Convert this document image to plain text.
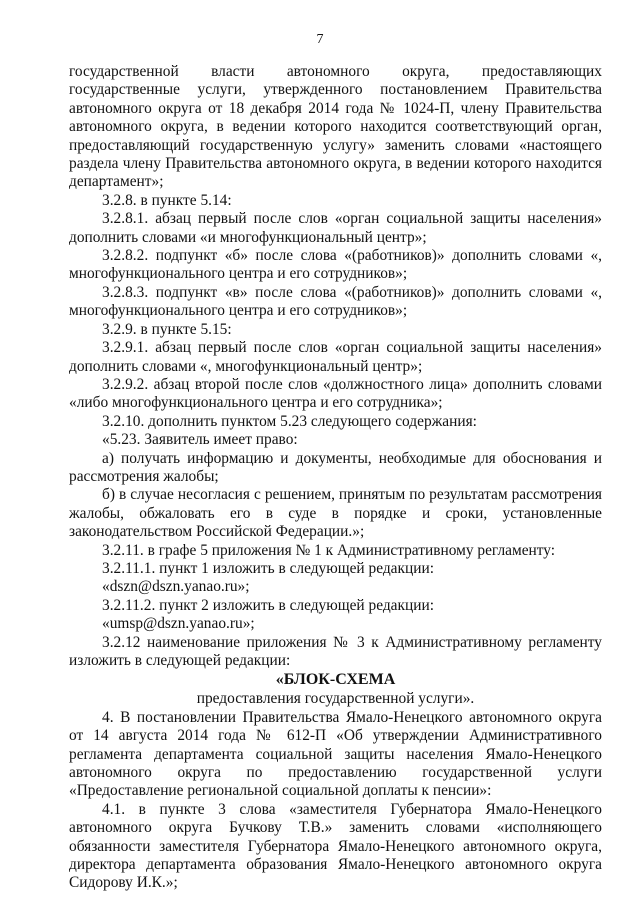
7

государственной власти автономного округа, предоставляющих государственные услуги, утвержденного постановлением Правительства автономного округа от 18 декабря 2014 года № 1024-П, члену Правительства автономного округа, в ведении которого находится соответствующий орган, предоставляющий государственную услугу» заменить словами «настоящего раздела члену Правительства автономного округа, в ведении которого находится департамент»;

3.2.8. в пункте 5.14:

3.2.8.1. абзац первый после слов «орган социальной защиты населения» дополнить словами «и многофункциональный центр»;

3.2.8.2. подпункт «б» после слова «(работников)» дополнить словами «, многофункционального центра и его сотрудников»;

3.2.8.3. подпункт «в» после слова «(работников)» дополнить словами «, многофункционального центра и его сотрудников»;

3.2.9. в пункте 5.15:

3.2.9.1. абзац первый после слов «орган социальной защиты населения» дополнить словами «, многофункциональный центр»;

3.2.9.2. абзац второй после слов «должностного лица» дополнить словами «либо многофункционального центра и его сотрудника»;

3.2.10. дополнить пунктом 5.23 следующего содержания:

«5.23. Заявитель имеет право:

а) получать информацию и документы, необходимые для обоснования и рассмотрения жалобы;

б) в случае несогласия с решением, принятым по результатам рассмотрения жалобы, обжаловать его в суде в порядке и сроки, установленные законодательством Российской Федерации.»;

3.2.11. в графе 5 приложения № 1 к Административному регламенту:

3.2.11.1. пункт 1 изложить в следующей редакции:

«dszn@dszn.yanao.ru»;

3.2.11.2. пункт 2 изложить в следующей редакции:

«umsp@dszn.yanao.ru»;

3.2.12 наименование приложения № 3 к Административному регламенту изложить в следующей редакции:

«БЛОК-СХЕМА

предоставления государственной услуги».

4. В постановлении Правительства Ямало-Ненецкого автономного округа от 14 августа 2014 года № 612-П «Об утверждении Административного регламента департамента социальной защиты населения Ямало-Ненецкого автономного округа по предоставлению государственной услуги «Предоставление региональной социальной доплаты к пенсии»:

4.1. в пункте 3 слова «заместителя Губернатора Ямало-Ненецкого автономного округа Бучкову Т.В.» заменить словами «исполняющего обязанности заместителя Губернатора Ямало-Ненецкого автономного округа, директора департамента образования Ямало-Ненецкого автономного округа Сидорову И.К.»;
